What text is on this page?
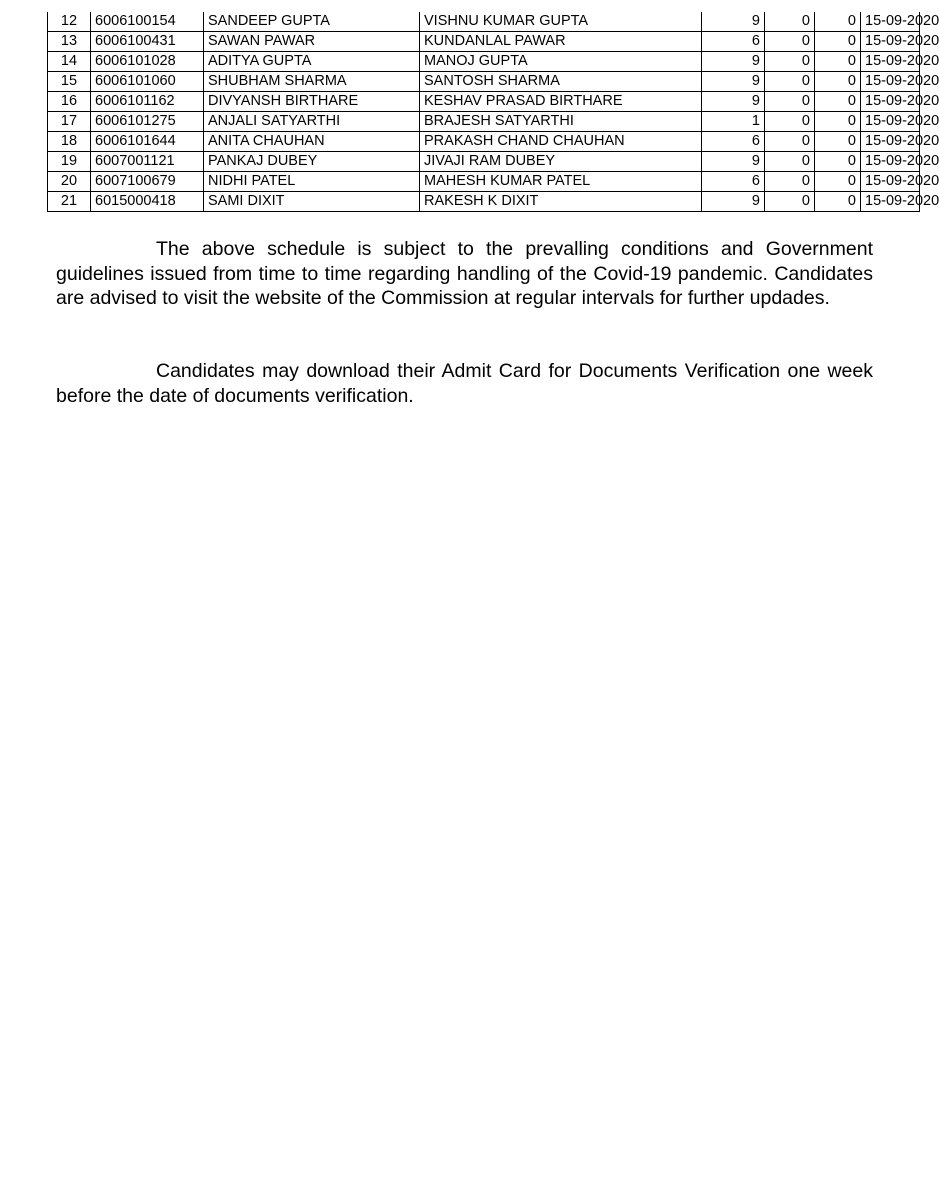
12	6006100154	SANDEEP GUPTA	VISHNU KUMAR GUPTA	9	0	0	15-09-2020
13	6006100431	SAWAN PAWAR	KUNDANLAL PAWAR	6	0	0	15-09-2020
14	6006101028	ADITYA GUPTA	MANOJ GUPTA	9	0	0	15-09-2020
15	6006101060	SHUBHAM SHARMA	SANTOSH SHARMA	9	0	0	15-09-2020
16	6006101162	DIVYANSH BIRTHARE	KESHAV PRASAD BIRTHARE	9	0	0	15-09-2020
17	6006101275	ANJALI SATYARTHI	BRAJESH SATYARTHI	1	0	0	15-09-2020
18	6006101644	ANITA CHAUHAN	PRAKASH CHAND CHAUHAN	6	0	0	15-09-2020
19	6007001121	PANKAJ DUBEY	JIVAJI RAM DUBEY	9	0	0	15-09-2020
20	6007100679	NIDHI PATEL	MAHESH KUMAR PATEL	6	0	0	15-09-2020
21	6015000418	SAMI DIXIT	RAKESH K DIXIT	9	0	0	15-09-2020

The above schedule is subject to the prevalling conditions and Government guidelines issued from time to time regarding handling of the Covid-19 pandemic. Candidates are advised to visit the website of the Commission at regular intervals for further updades.

Candidates may download their Admit Card for Documents Verification one week before the date of documents verification.
